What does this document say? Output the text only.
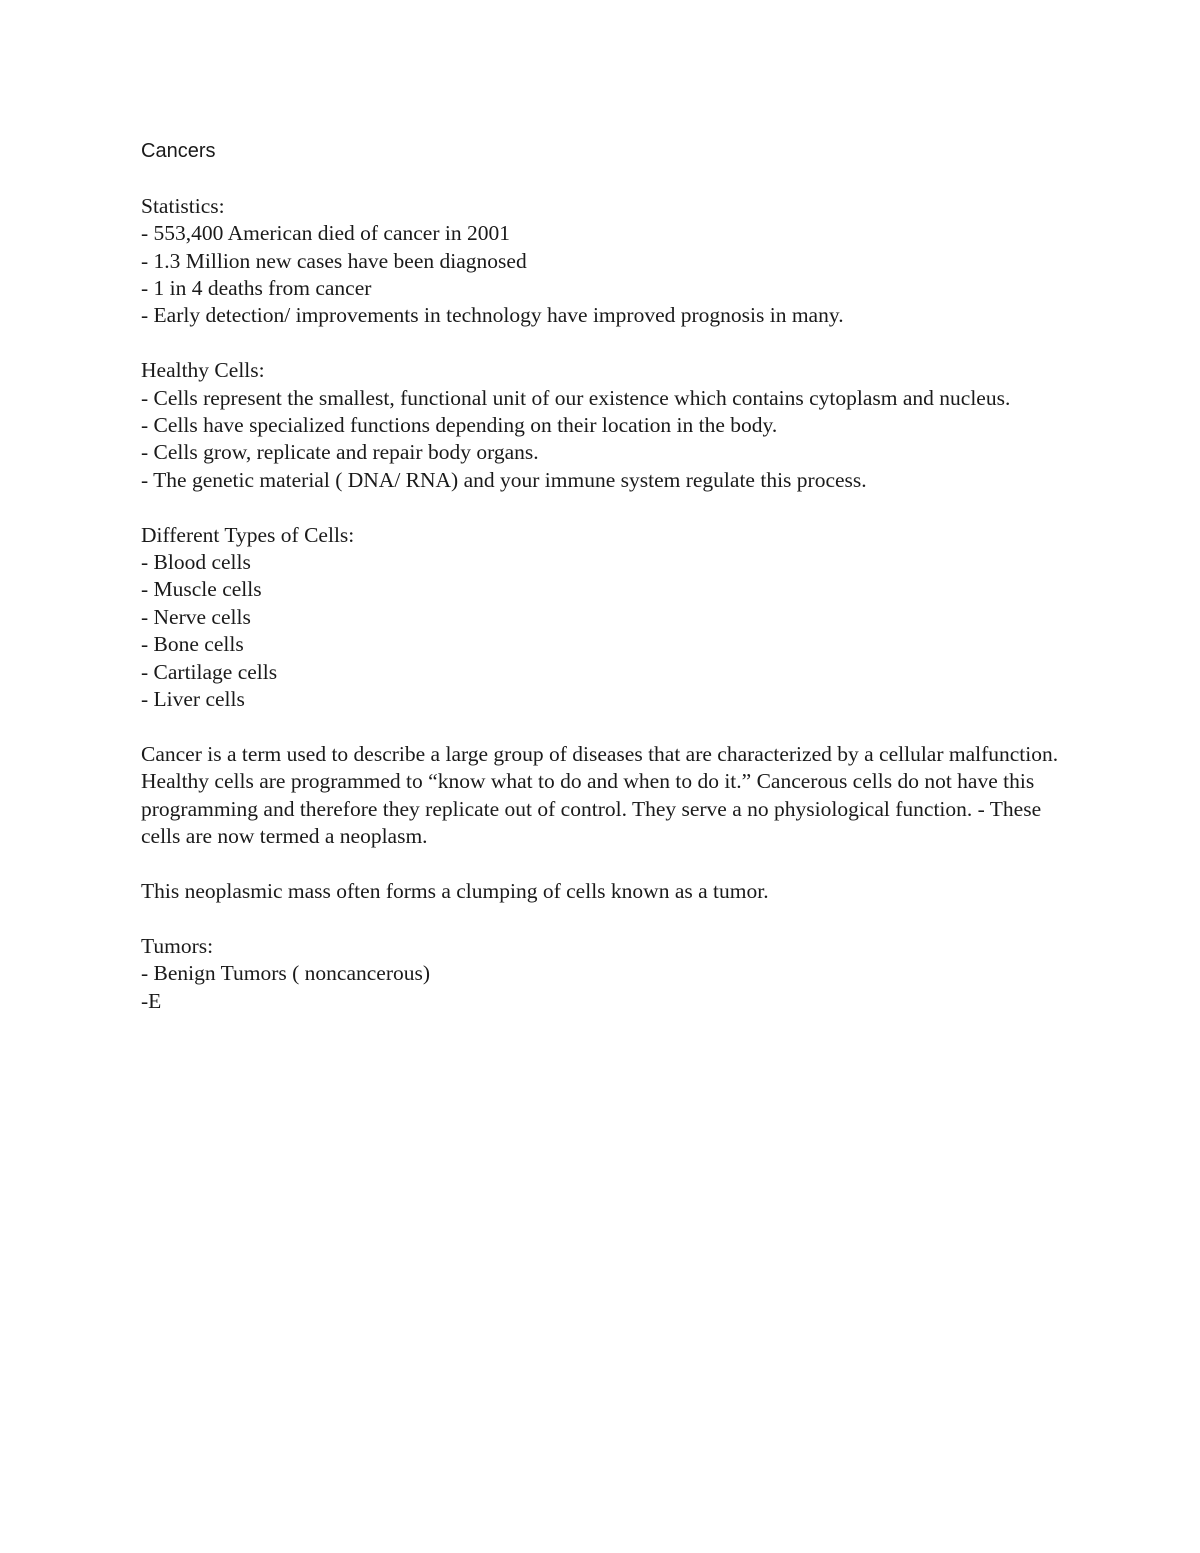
Cancers
Statistics:
- 553,400 American died of cancer in 2001
- 1.3 Million new cases have been diagnosed
- 1 in 4 deaths from cancer
- Early detection/ improvements in technology have improved prognosis in many.
Healthy Cells:
- Cells represent the smallest, functional unit of our existence which contains cytoplasm and nucleus.
- Cells have specialized functions depending on their location in the body.
- Cells grow, replicate and repair body organs.
- The genetic material ( DNA/ RNA) and your immune system regulate this process.
Different Types of Cells:
- Blood cells
- Muscle cells
- Nerve cells
- Bone cells
- Cartilage cells
- Liver cells

Cancer is a term used to describe a large group of diseases that are characterized by a cellular malfunction. Healthy cells are programmed to “know what to do and when to do it.” Cancerous cells do not have this programming and therefore they replicate out of control. They serve a no physiological function. - These cells are now termed a neoplasm.

This neoplasmic mass often forms a clumping of cells known as a tumor.

Tumors:
- Benign Tumors ( noncancerous)
-E
